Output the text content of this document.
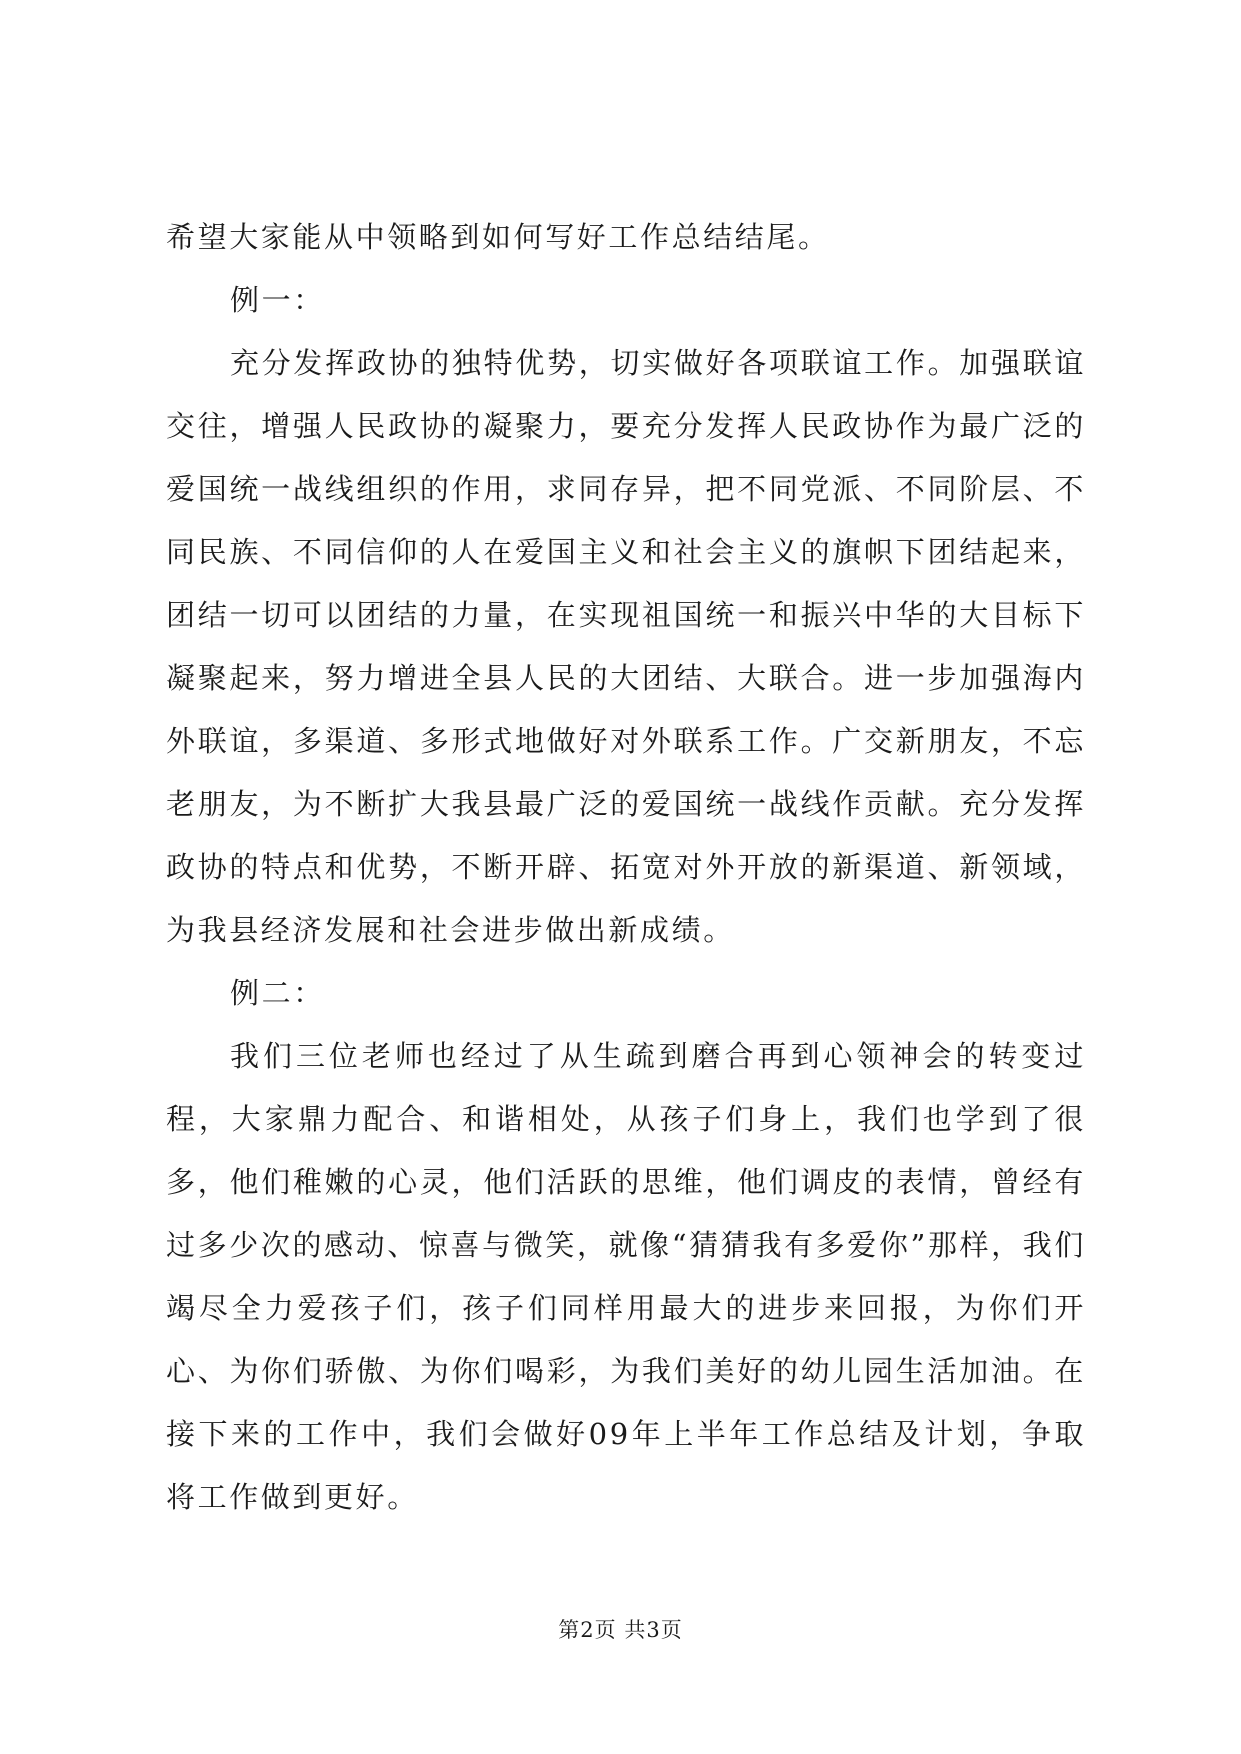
希望大家能从中领略到如何写好工作总结结尾。

例一：

充分发挥政协的独特优势，切实做好各项联谊工作。加强联谊交往，增强人民政协的凝聚力，要充分发挥人民政协作为最广泛的爱国统一战线组织的作用，求同存异，把不同党派、不同阶层、不同民族、不同信仰的人在爱国主义和社会主义的旗帜下团结起来，团结一切可以团结的力量，在实现祖国统一和振兴中华的大目标下凝聚起来，努力增进全县人民的大团结、大联合。进一步加强海内外联谊，多渠道、多形式地做好对外联系工作。广交新朋友，不忘老朋友，为不断扩大我县最广泛的爱国统一战线作贡献。充分发挥政协的特点和优势，不断开辟、拓宽对外开放的新渠道、新领域，为我县经济发展和社会进步做出新成绩。

例二：

我们三位老师也经过了从生疏到磨合再到心领神会的转变过程，大家鼎力配合、和谐相处，从孩子们身上，我们也学到了很多，他们稚嫩的心灵，他们活跃的思维，他们调皮的表情，曾经有过多少次的感动、惊喜与微笑，就像“猜猜我有多爱你”那样，我们竭尽全力爱孩子们，孩子们同样用最大的进步来回报，为你们开心、为你们骄傲、为你们喝彩，为我们美好的幼儿园生活加油。在接下来的工作中，我们会做好09年上半年工作总结及计划，争取将工作做到更好。

第2页 共3页
